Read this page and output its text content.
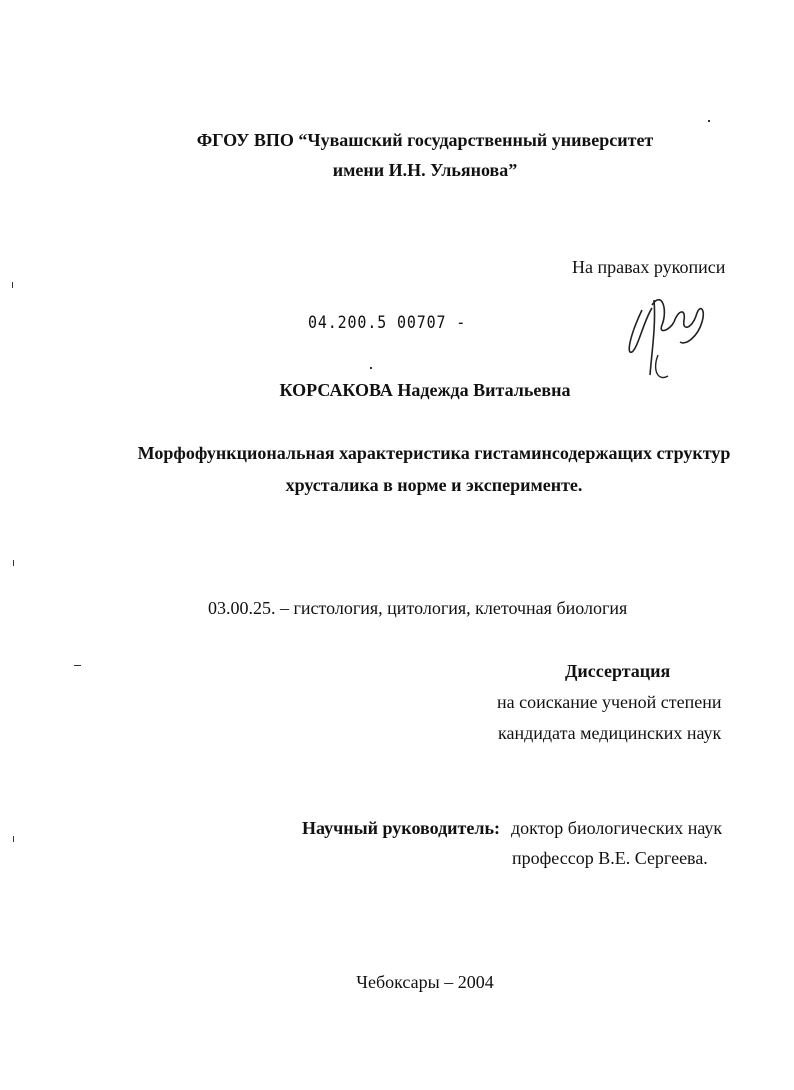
ФГОУ ВПО “Чувашский государственный университет
имени И.Н. Ульянова”
На правах рукописи
04.200.5 00707 -
КОРСАКОВА Надежда Витальевна
Морфофункциональная характеристика гистаминсодержащих структур
хрусталика в норме и эксперименте.
03.00.25. – гистология, цитология, клеточная биология
Диссертация
на соискание ученой степени
кандидата медицинских наук
Научный руководитель: доктор биологических наук
профессор В.Е. Сергеева.
Чебоксары – 2004
